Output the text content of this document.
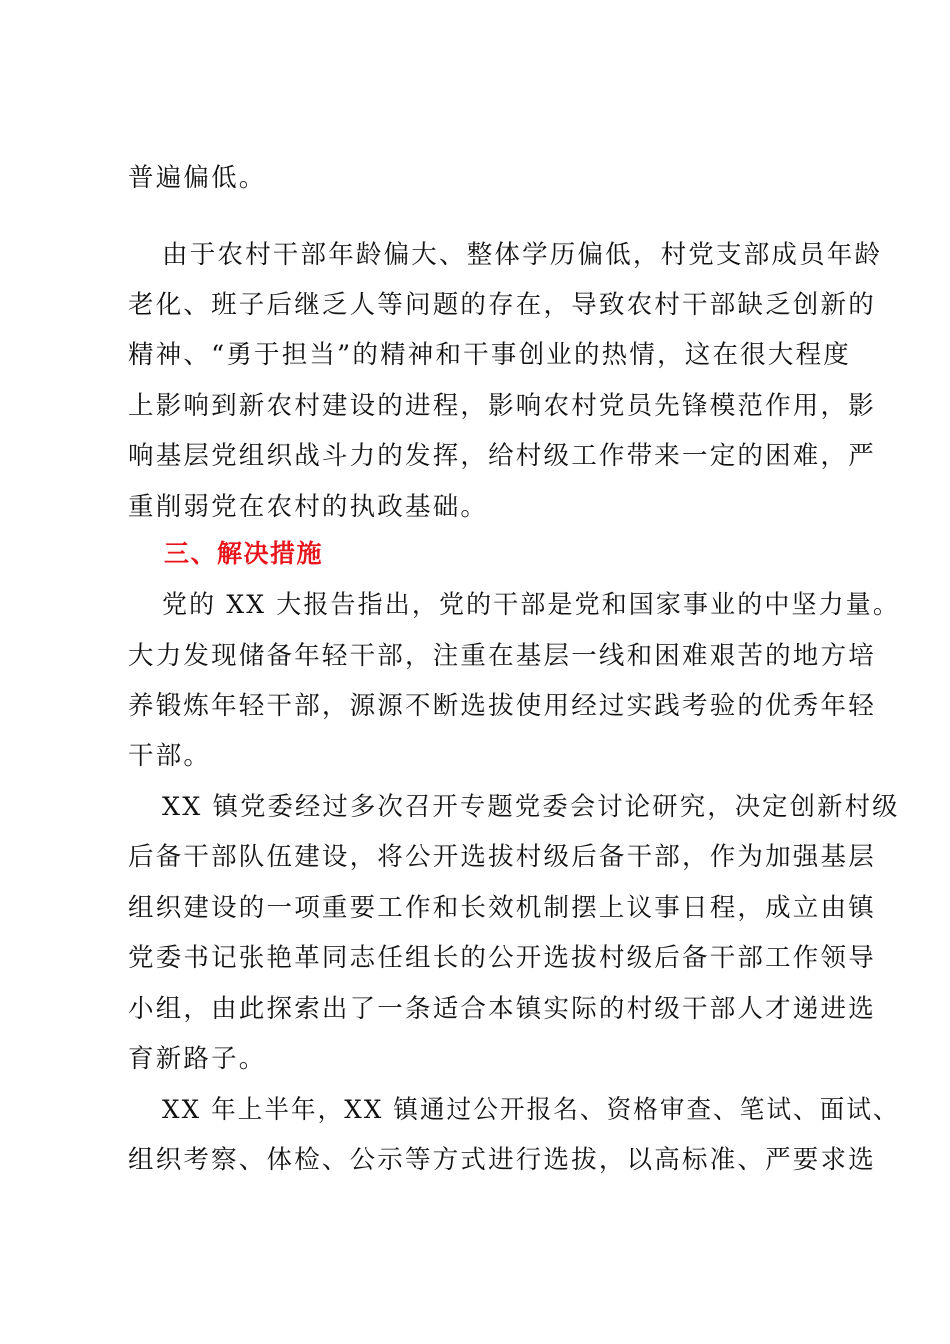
普遍偏低。
由于农村干部年龄偏大、整体学历偏低，村党支部成员年龄
老化、班子后继乏人等问题的存在，导致农村干部缺乏创新的
精神、“勇于担当”的精神和干事创业的热情，这在很大程度
上影响到新农村建设的进程，影响农村党员先锋模范作用，影
响基层党组织战斗力的发挥，给村级工作带来一定的困难，严
重削弱党在农村的执政基础。
三、解决措施
党的 XX 大报告指出，党的干部是党和国家事业的中坚力量。
大力发现储备年轻干部，注重在基层一线和困难艰苦的地方培
养锻炼年轻干部，源源不断选拔使用经过实践考验的优秀年轻
干部。
XX 镇党委经过多次召开专题党委会讨论研究，决定创新村级
后备干部队伍建设，将公开选拔村级后备干部，作为加强基层
组织建设的一项重要工作和长效机制摆上议事日程，成立由镇
党委书记张艳革同志任组长的公开选拔村级后备干部工作领导
小组，由此探索出了一条适合本镇实际的村级干部人才递进选
育新路子。
XX 年上半年，XX 镇通过公开报名、资格审查、笔试、面试、
组织考察、体检、公示等方式进行选拔，以高标准、严要求选
